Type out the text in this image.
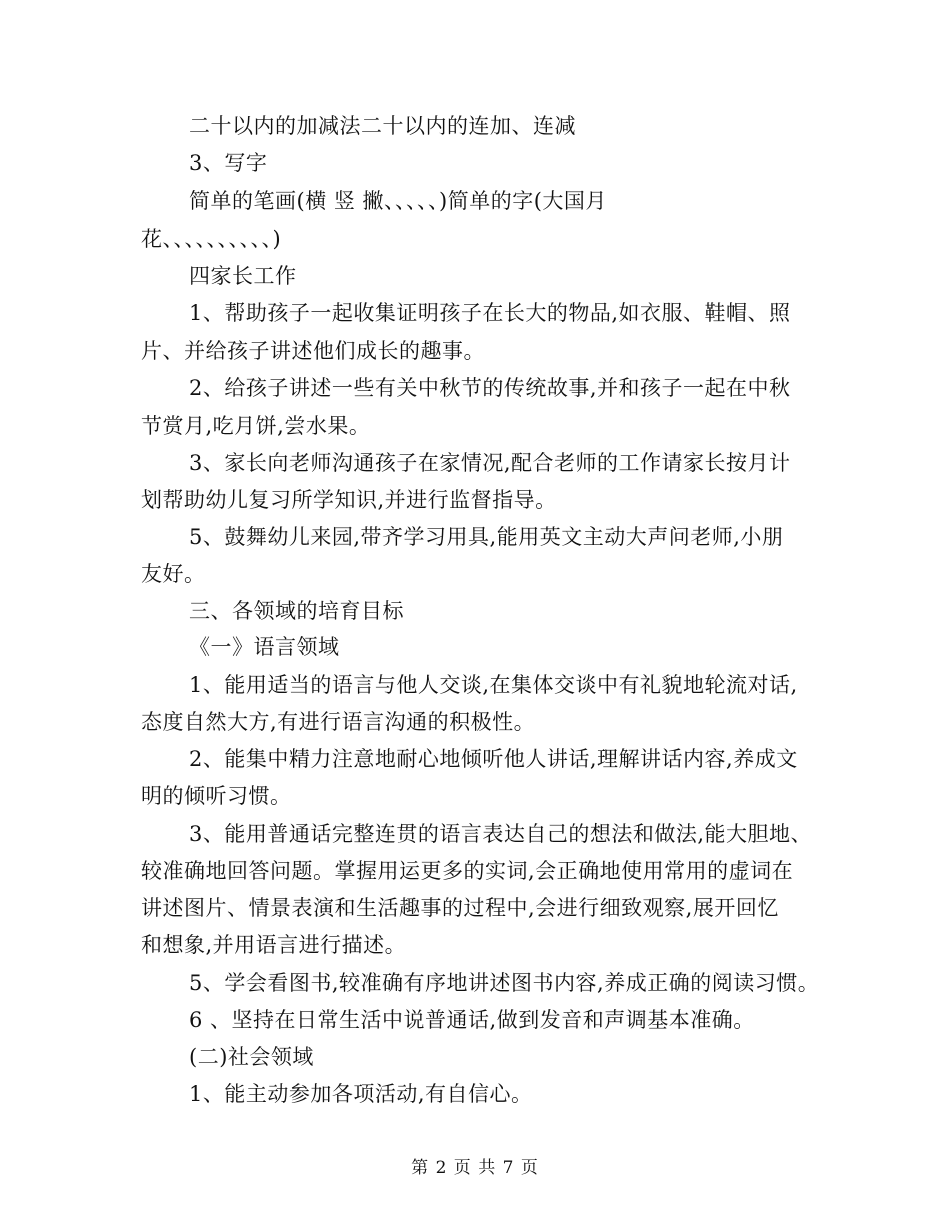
二十以内的加减法二十以内的连加、连减
3、写字
简单的笔画(横 竖 撇、、、、、)简单的字(大国月
花、、、、、、、、、、)
四家长工作
1、帮助孩子一起收集证明孩子在长大的物品,如衣服、鞋帽、照
片、并给孩子讲述他们成长的趣事。
2、给孩子讲述一些有关中秋节的传统故事,并和孩子一起在中秋
节赏月,吃月饼,尝水果。
3、家长向老师沟通孩子在家情况,配合老师的工作请家长按月计
划帮助幼儿复习所学知识,并进行监督指导。
5、鼓舞幼儿来园,带齐学习用具,能用英文主动大声问老师,小朋
友好。
三、各领域的培育目标
《一》语言领域
1、能用适当的语言与他人交谈,在集体交谈中有礼貌地轮流对话,
态度自然大方,有进行语言沟通的积极性。
2、能集中精力注意地耐心地倾听他人讲话,理解讲话内容,养成文
明的倾听习惯。
3、能用普通话完整连贯的语言表达自己的想法和做法,能大胆地、
较准确地回答问题。掌握用运更多的实词,会正确地使用常用的虚词在
讲述图片、情景表演和生活趣事的过程中,会进行细致观察,展开回忆
和想象,并用语言进行描述。
5、学会看图书,较准确有序地讲述图书内容,养成正确的阅读习惯。
6 、坚持在日常生活中说普通话,做到发音和声调基本准确。
(二)社会领域
1、能主动参加各项活动,有自信心。
第 2 页 共 7 页
